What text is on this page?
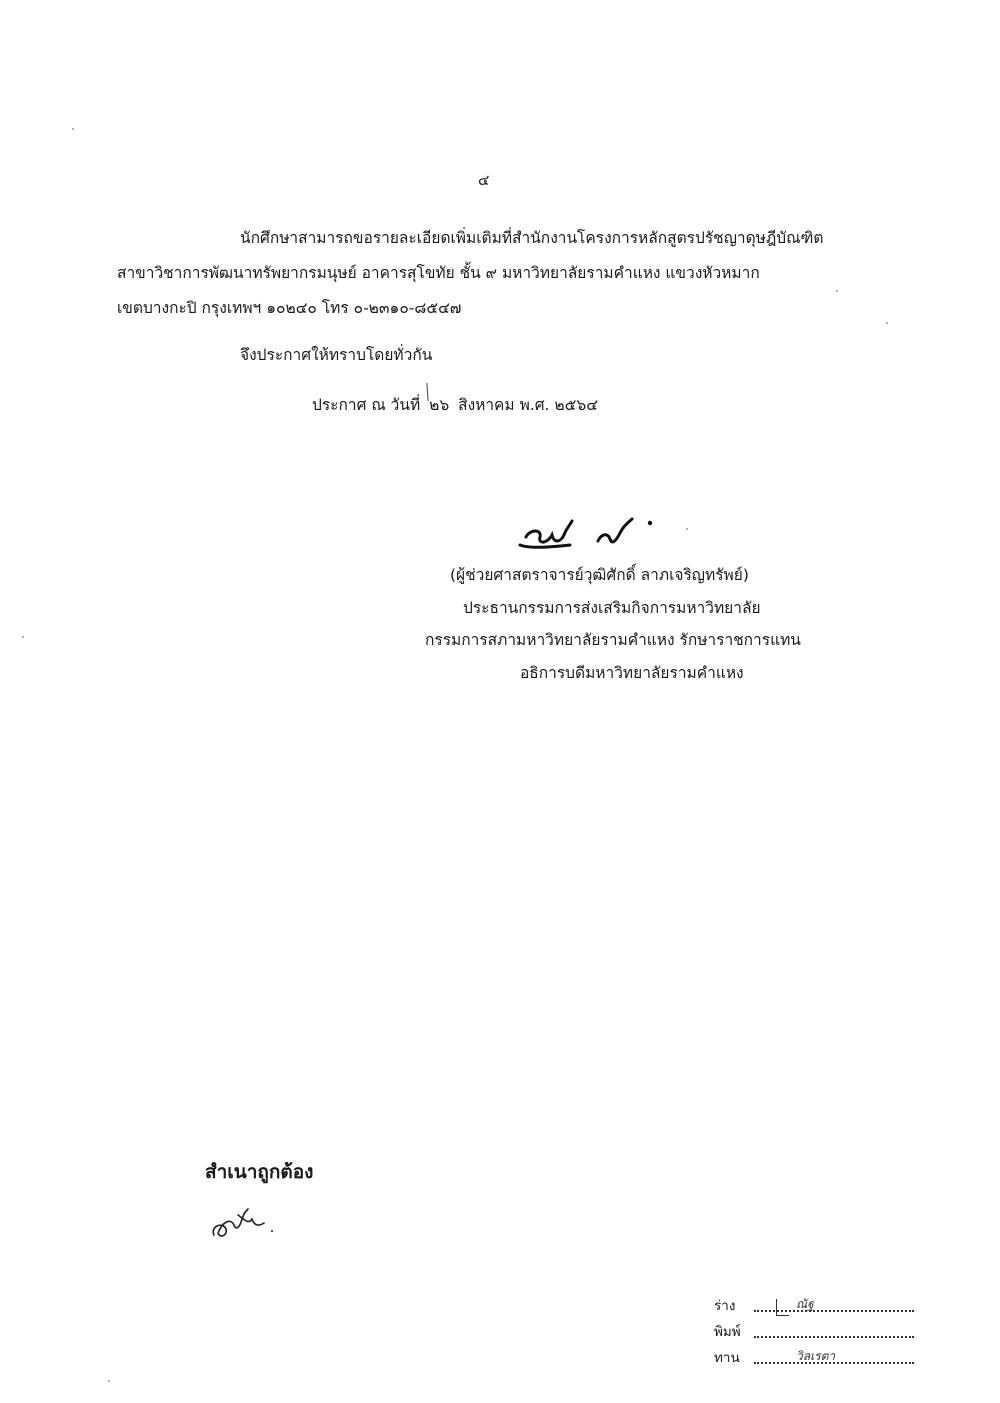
๔
นักศึกษาสามารถขอรายละเอียดเพิ่มเติมที่สำนักงานโครงการหลักสูตรปรัชญาดุษฎีบัณฑิต
สาขาวิชาการพัฒนาทรัพยากรมนุษย์ อาคารสุโขทัย ชั้น ๙ มหาวิทยาลัยรามคำแหง แขวงหัวหมาก
เขตบางกะปิ กรุงเทพฯ ๑๐๒๔๐ โทร ๐-๒๓๑๐-๘๕๔๗
จึงประกาศให้ทราบโดยทั่วกัน
ประกาศ ณ วันที่ ๒๖ สิงหาคม พ.ศ. ๒๕๖๔
(ผู้ช่วยศาสตราจารย์วุฒิศักดิ์ ลาภเจริญทรัพย์)
ประธานกรรมการส่งเสริมกิจการมหาวิทยาลัย
กรรมการสภามหาวิทยาลัยรามคำแหง รักษาราชการแทน
อธิการบดีมหาวิทยาลัยรามคำแหง
สำเนาถูกต้อง
ร่าง	ณัฐ
พิมพ์
ทาน	วิลเรตา
